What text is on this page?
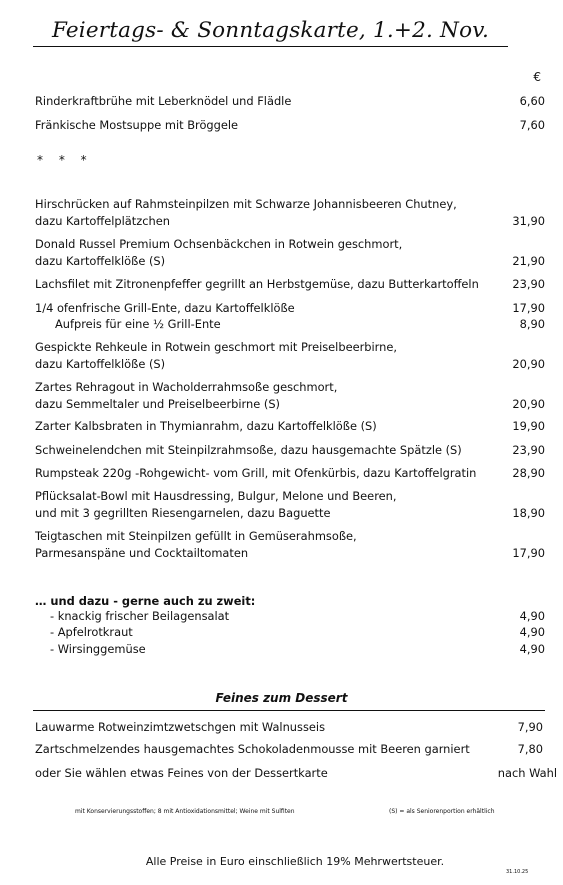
Feiertags- & Sonntagskarte, 1.+2. Nov.
€
Rinderkraftbrühe mit Leberknödel und Flädle	6,60
Fränkische Mostsuppe mit Bröggele	7,60
* * *
Hirschrücken auf Rahmsteinpilzen mit Schwarze Johannisbeeren Chutney,
dazu Kartoffelplätzchen	31,90
Donald Russel Premium Ochsenbäckchen in Rotwein geschmort,
dazu Kartoffelklöße (S)	21,90
Lachsfilet mit Zitronenpfeffer gegrillt an Herbstgemüse, dazu Butterkartoffeln	23,90
1/4 ofenfrische Grill-Ente, dazu Kartoffelklöße	17,90
Aufpreis für eine ½ Grill-Ente	8,90
Gespickte Rehkeule in Rotwein geschmort mit Preiselbeerbirne,
dazu Kartoffelklöße (S)	20,90
Zartes Rehragout in Wacholderrahmsoße geschmort,
dazu Semmeltaler und Preiselbeerbirne (S)	20,90
Zarter Kalbsbraten in Thymianrahm, dazu Kartoffelklöße (S)	19,90
Schweinelendchen mit Steinpilzrahmsoße, dazu hausgemachte Spätzle (S)	23,90
Rumpsteak 220g -Rohgewicht- vom Grill, mit Ofenkürbis, dazu Kartoffelgratin	28,90
Pflücksalat-Bowl mit Hausdressing, Bulgur, Melone und Beeren,
und mit 3 gegrillten Riesengarnelen, dazu Baguette	18,90
Teigtaschen mit Steinpilzen gefüllt in Gemüserahmsoße,
Parmesanspäne und Cocktailtomaten	17,90
… und dazu - gerne auch zu zweit:
- knackig frischer Beilagensalat	4,90
- Apfelrotkraut	4,90
- Wirsinggemüse	4,90
Feines zum Dessert
Lauwarme Rotweinzimtzwetschgen mit Walnusseis	7,90
Zartschmelzendes hausgemachtes Schokoladenmousse mit Beeren garniert	7,80
oder Sie wählen etwas Feines von der Dessertkarte	nach Wahl
mit Konservierungsstoffen; 8 mit Antioxidationsmittel; Weine mit Sulfiten	(S) = als Seniorenportion erhältlich
Alle Preise in Euro einschließlich 19% Mehrwertsteuer.
31.10.25
